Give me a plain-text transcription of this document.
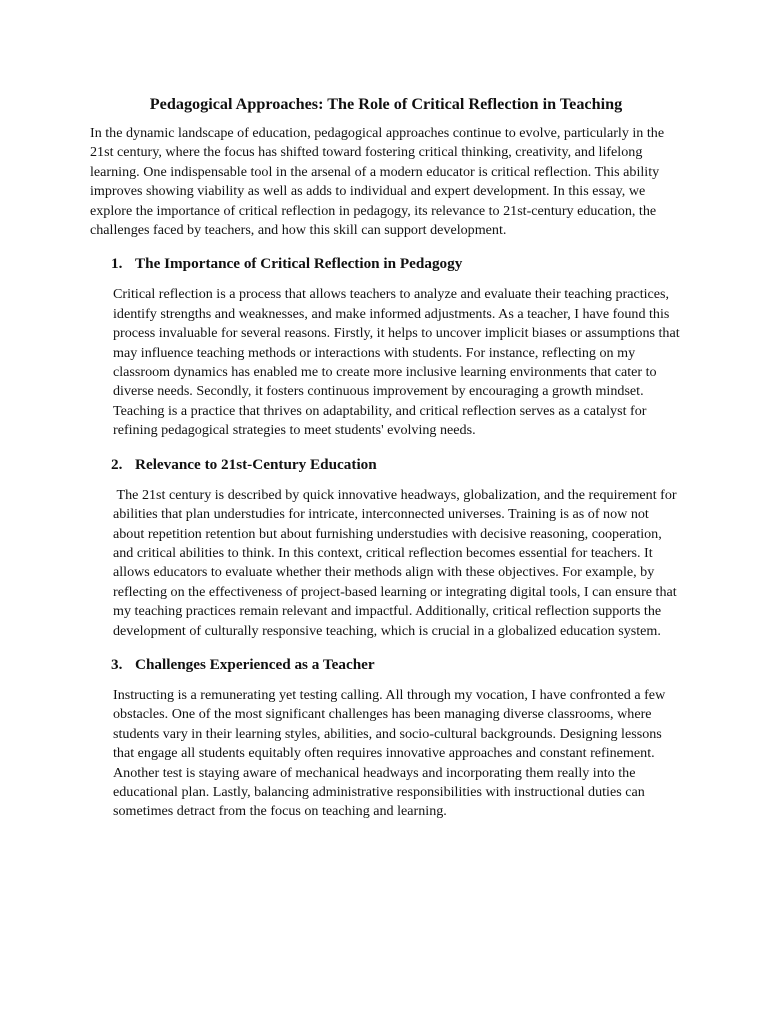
Pedagogical Approaches: The Role of Critical Reflection in Teaching

In the dynamic landscape of education, pedagogical approaches continue to evolve, particularly in the 21st century, where the focus has shifted toward fostering critical thinking, creativity, and lifelong learning. One indispensable tool in the arsenal of a modern educator is critical reflection. This ability improves showing viability as well as adds to individual and expert development. In this essay, we explore the importance of critical reflection in pedagogy, its relevance to 21st-century education, the challenges faced by teachers, and how this skill can support development.

1. The Importance of Critical Reflection in Pedagogy

Critical reflection is a process that allows teachers to analyze and evaluate their teaching practices, identify strengths and weaknesses, and make informed adjustments. As a teacher, I have found this process invaluable for several reasons. Firstly, it helps to uncover implicit biases or assumptions that may influence teaching methods or interactions with students. For instance, reflecting on my classroom dynamics has enabled me to create more inclusive learning environments that cater to diverse needs. Secondly, it fosters continuous improvement by encouraging a growth mindset. Teaching is a practice that thrives on adaptability, and critical reflection serves as a catalyst for refining pedagogical strategies to meet students' evolving needs.

2. Relevance to 21st-Century Education

The 21st century is described by quick innovative headways, globalization, and the requirement for abilities that plan understudies for intricate, interconnected universes. Training is as of now not about repetition retention but about furnishing understudies with decisive reasoning, cooperation, and critical abilities to think. In this context, critical reflection becomes essential for teachers. It allows educators to evaluate whether their methods align with these objectives. For example, by reflecting on the effectiveness of project-based learning or integrating digital tools, I can ensure that my teaching practices remain relevant and impactful. Additionally, critical reflection supports the development of culturally responsive teaching, which is crucial in a globalized education system.

3. Challenges Experienced as a Teacher

Instructing is a remunerating yet testing calling. All through my vocation, I have confronted a few obstacles. One of the most significant challenges has been managing diverse classrooms, where students vary in their learning styles, abilities, and socio-cultural backgrounds. Designing lessons that engage all students equitably often requires innovative approaches and constant refinement. Another test is staying aware of mechanical headways and incorporating them really into the educational plan. Lastly, balancing administrative responsibilities with instructional duties can sometimes detract from the focus on teaching and learning.
